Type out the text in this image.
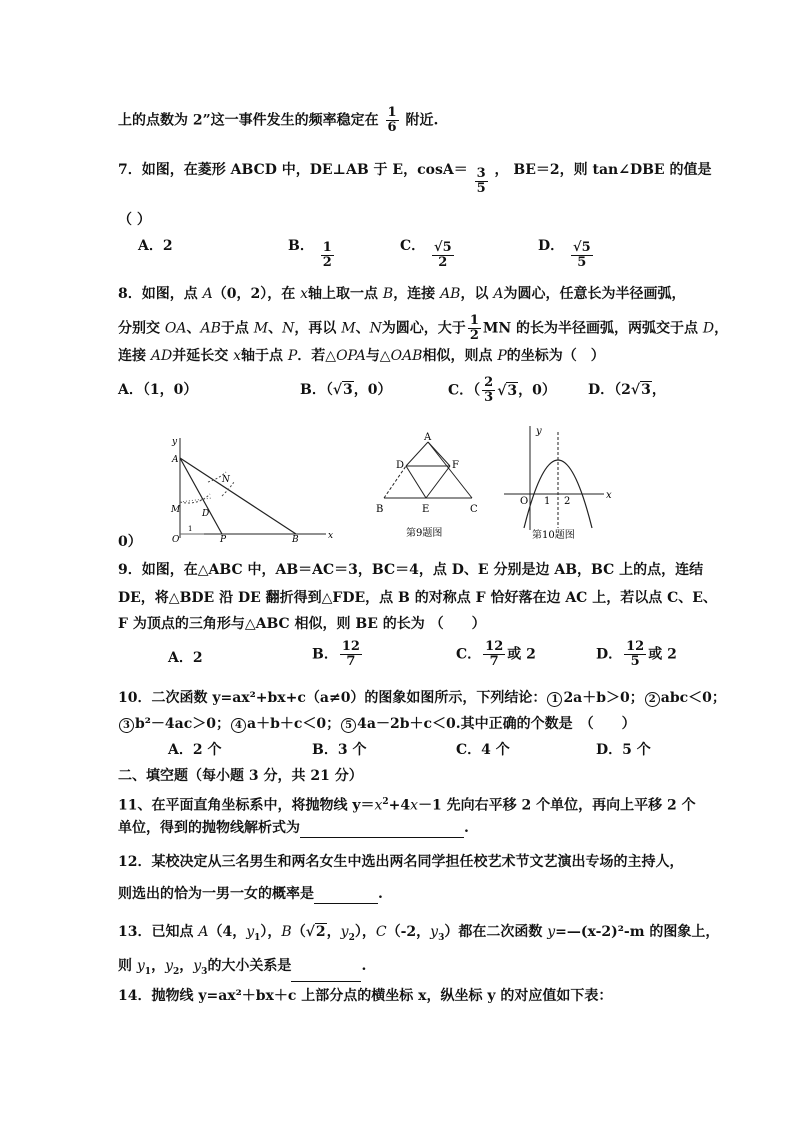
上的点数为 2”这一事件发生的频率稳定在 $\frac{1}{6}$ 附近.
7．如图，在菱形 ABCD 中，DE⊥AB 于 E，$\cos A= \frac{3}{5}$ ， BE＝2，则 tan∠DBE 的值是
（ ）
A．2	B． $\frac{1}{2}$	C． $\frac{√5}{2}$	D． $\frac{√5}{5}$
8．如图，点 A（0，2），在 x轴上取一点 B，连接 AB，以 A为圆心，任意长为半径画弧，
分别交 OA、AB于点 M、N，再以 M、N为圆心，大于 $\frac{1}{2}$ MN 的长为半径画弧，两弧交于点 D，
连接 AD并延长交 x轴于点 P．若△OPA与△OAB相似，则点 P的坐标为（　）
A．（1，0）	B．（√3，0）	C．（ $\frac{2}{3} √3$，0） D．（2√3，
y
x
A
N
M D
O	P	B
1
A
D	F
B	E	C
第9题图
y
x
O 1 2
第10题图
0）
9．如图，在△ABC 中，AB＝AC＝3，BC＝4，点 D、E 分别是边 AB，BC 上的点，连结
DE，将△BDE 沿 DE 翻折得到△FDE，点 B 的对称点 F 恰好落在边 AC 上，若以点 C、E、
F 为顶点的三角形与△ABC 相似，则 BE 的长为 （　　）
A．2	B． $\frac{12}{7}$	C． $\frac{12}{7}$ 或 2	D． $\frac{12}{5}$ 或 2
10．二次函数 y=ax²+bx+c（a≠0）的图象如图所示，下列结论： 1 2a＋b＞0； 2 abc＜0；
3 b²－4ac＞0； 4 a＋b＋c＜0； 5 4a－2b＋c＜0.其中正确的个数是　（　　）
A．2 个	B．3 个	C．4 个	D．5 个
二、填空题（每小题 3 分，共 21 分）
11、在平面直角坐标系中，将抛物线 $y=x^2+4x-1$ 先向右平移 2 个单位，再向上平移 2 个
单位，得到的抛物线解析式为	.
12．某校决定从三名男生和两名女生中选出两名同学担任校艺术节文艺演出专场的主持人，
则选出的恰为一男一女的概率是	.
13．已知点 A（4，$y_1$），B（√2，$y_2$），C（-2，$y_3$）都在二次函数 y=—(x-2)²-m 的图象上，
则 $y_1$，$y_2$，$y_3$的大小关系是	.
14．抛物线 y=ax²＋bx＋c 上部分点的横坐标 x，纵坐标 y 的对应值如下表：
